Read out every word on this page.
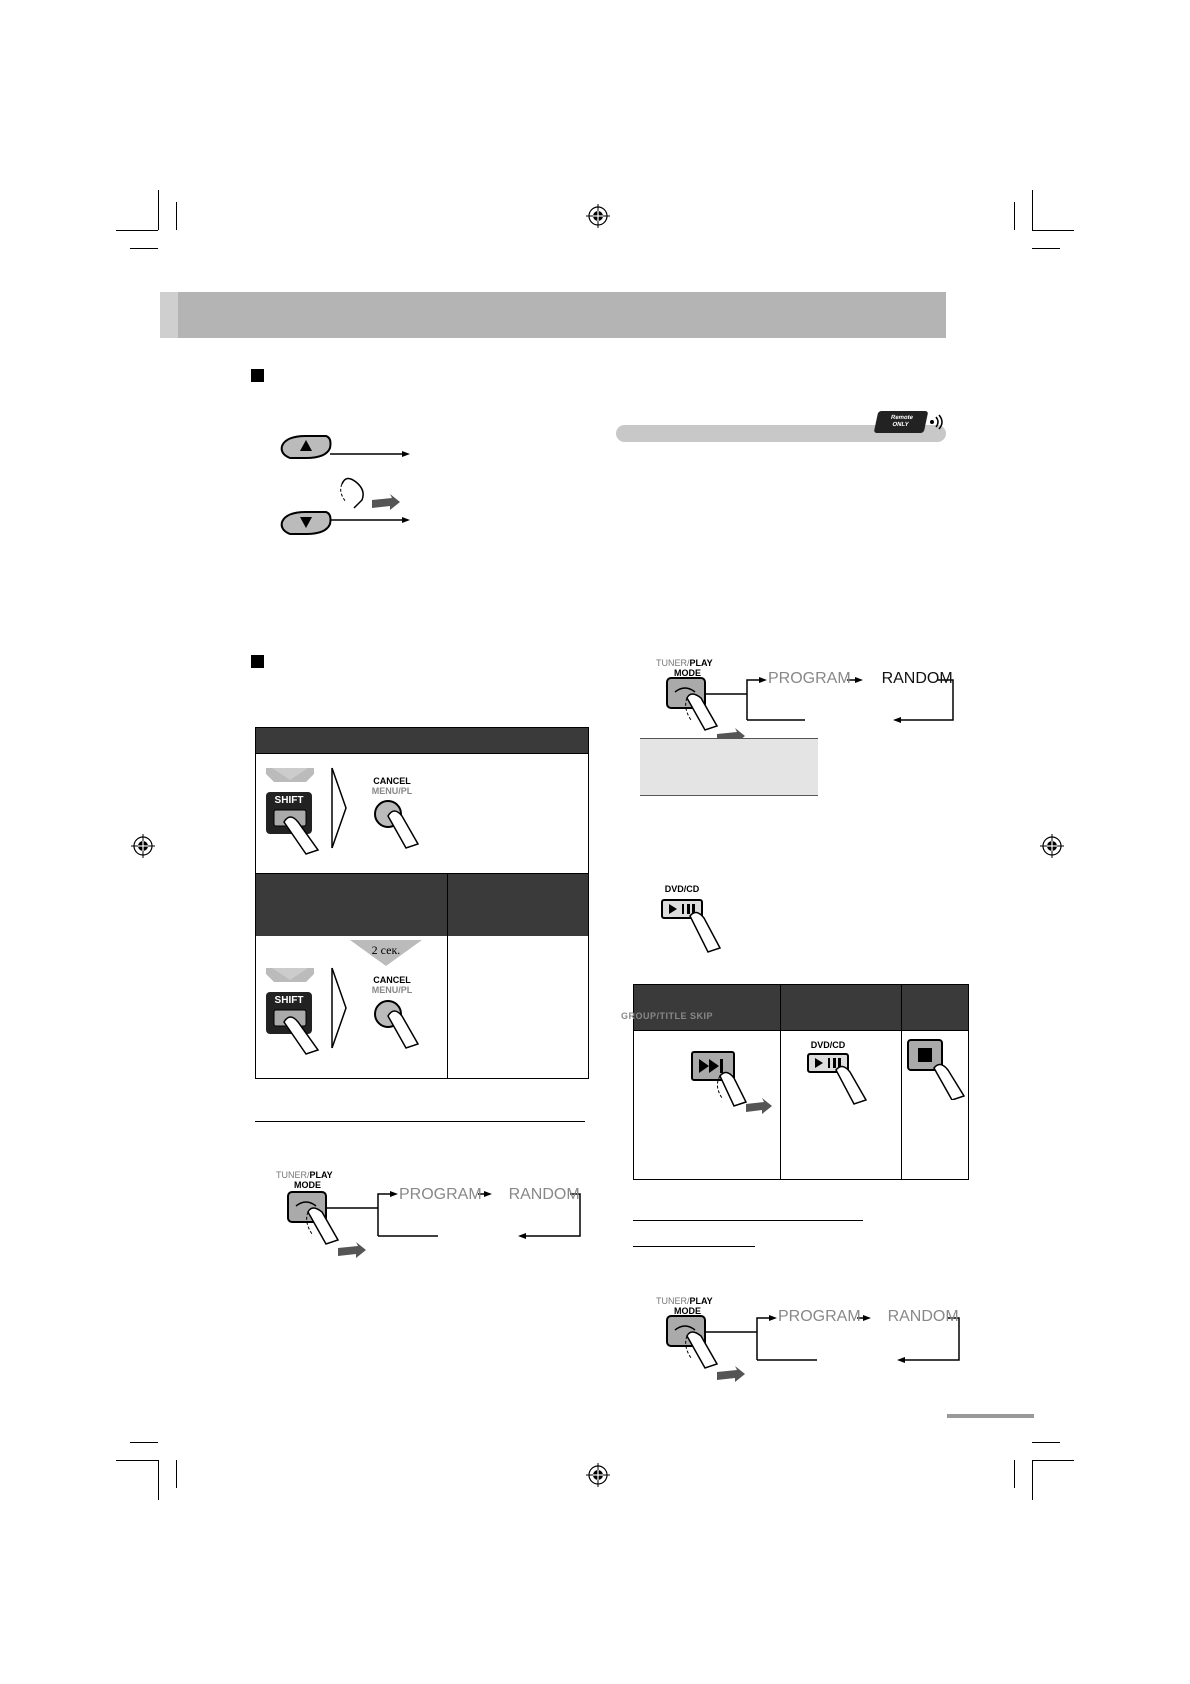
Remote
ONLY
CANCEL
MENU/PL
SHIFT
2 сек.
CANCEL
MENU/PL
SHIFT
TUNER/PLAY
MODE
PROGRAM RANDOM
TUNER/PLAY
MODE	PROGRAM RANDOM
DVD/CD
GROUP/TITLE SKIP
DVD/CD
TUNER/PLAY
MODE	PROGRAM RANDOM
